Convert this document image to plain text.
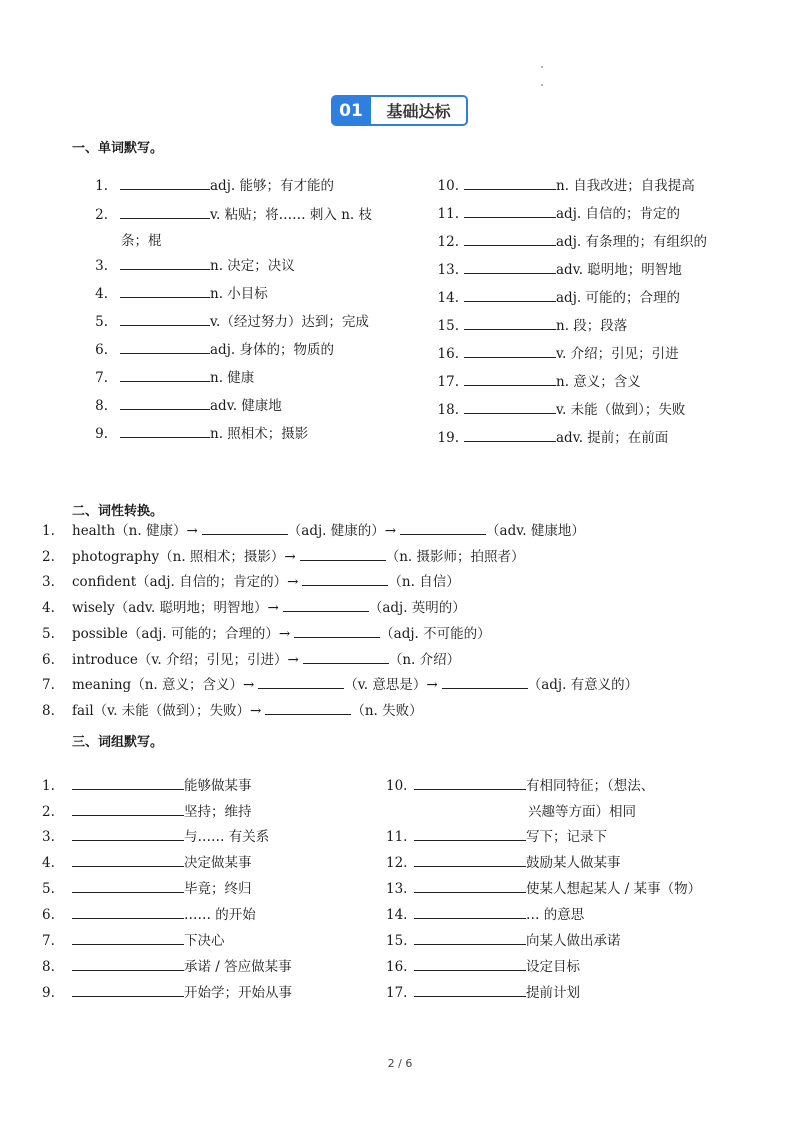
01	基础达标
一、单词默写。
1.	adj. 能够；有才能的
2.	v. 粘贴；将…… 刺入 n. 枝
条；棍
3.	n. 决定；决议
4.	n. 小目标
5.	v.（经过努力）达到；完成
6.	adj. 身体的；物质的
7.	n. 健康
8.	adv. 健康地
9.	n. 照相术；摄影
10.	n. 自我改进；自我提高
11.	adj. 自信的；肯定的
12.	adj. 有条理的；有组织的
13.	adv. 聪明地；明智地
14.	adj. 可能的；合理的
15.	n. 段；段落
16.	v. 介绍；引见；引进
17.	n. 意义；含义
18.	v. 未能（做到）；失败
19.	adv. 提前；在前面
二、词性转换。
1. health（n. 健康）→	（adj. 健康的）→	（adv. 健康地）
2. photography（n. 照相术；摄影）→	（n. 摄影师；拍照者）
3. confident（adj. 自信的；肯定的）→	（n. 自信）
4. wisely（adv. 聪明地；明智地）→	（adj. 英明的）
5. possible（adj. 可能的；合理的）→	（adj. 不可能的）
6. introduce（v. 介绍；引见；引进）→	（n. 介绍）
7. meaning（n. 意义；含义）→	（v. 意思是）→	（adj. 有意义的）
8. fail（v. 未能（做到）；失败）→	（n. 失败）
三、词组默写。
1.	能够做某事
2.	坚持；维持
3.	与…… 有关系
4.	决定做某事
5.	毕竟；终归
6.	…… 的开始
7.	下决心
8.	承诺 / 答应做某事
9.	开始学；开始从事
10.	有相同特征；（想法、
兴趣等方面）相同
11.	写下；记录下
12.	鼓励某人做某事
13.	使某人想起某人 / 某事（物）
14.	… 的意思
15.	向某人做出承诺
16.	设定目标
17.	提前计划
2 / 6
